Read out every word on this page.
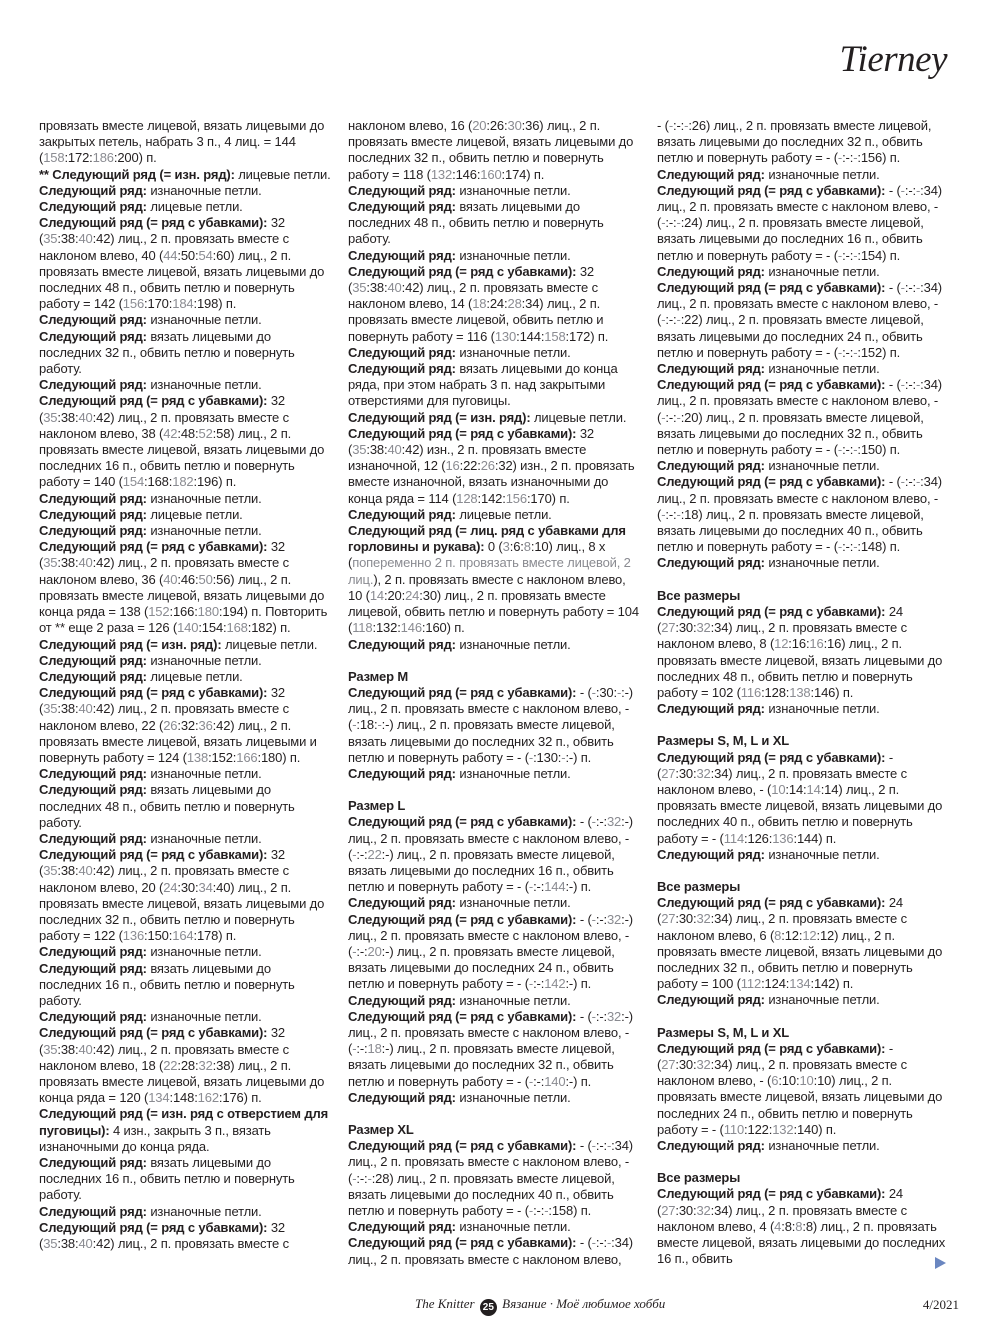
Tierney

провязать вместе лицевой, вязать лицевыми до закрытых петель, набрать 3 п., 4 лиц. = 144 (158:172:186:200) п.

** Следующий ряд (= изн. ряд): лицевые петли.

Следующий ряд: изнаночные петли.

Следующий ряд: лицевые петли.

Следующий ряд (= ряд с убавками): 32 (35:38:40:42) лиц., 2 п. провязать вместе с наклоном влево, 40 (44:50:54:60) лиц., 2 п. провязать вместе лицевой, вязать лицевыми до последних 48 п., обвить петлю и повернуть работу = 142 (156:170:184:198) п.

Следующий ряд: изнаночные петли.

Следующий ряд: вязать лицевыми до последних 32 п., обвить петлю и повернуть работу.

Следующий ряд: изнаночные петли.

Следующий ряд (= ряд с убавками): 32 (35:38:40:42) лиц., 2 п. провязать вместе с наклоном влево, 38 (42:48:52:58) лиц., 2 п. провязать вместе лицевой, вязать лицевыми до последних 16 п., обвить петлю и повернуть работу = 140 (154:168:182:196) п.

Следующий ряд: изнаночные петли.

Следующий ряд: лицевые петли.

Следующий ряд: изнаночные петли.

Следующий ряд (= ряд с убавками): 32 (35:38:40:42) лиц., 2 п. провязать вместе с наклоном влево, 36 (40:46:50:56) лиц., 2 п. провязать вместе лицевой, вязать лицевыми до конца ряда = 138 (152:166:180:194) п. Повторить от ** еще 2 раза = 126 (140:154:168:182) п.

Следующий ряд (= изн. ряд): лицевые петли.

Следующий ряд: изнаночные петли.

Следующий ряд: лицевые петли.

Следующий ряд (= ряд с убавками): 32 (35:38:40:42) лиц., 2 п. провязать вместе с наклоном влево, 22 (26:32:36:42) лиц., 2 п. провязать вместе лицевой, вязать лицевыми и повернуть работу = 124 (138:152:166:180) п.

Следующий ряд: изнаночные петли.

Следующий ряд: вязать лицевыми до последних 48 п., обвить петлю и повернуть работу.

Следующий ряд: изнаночные петли.

Следующий ряд (= ряд с убавками): 32 (35:38:40:42) лиц., 2 п. провязать вместе с наклоном влево, 20 (24:30:34:40) лиц., 2 п. провязать вместе лицевой, вязать лицевыми до последних 32 п., обвить петлю и повернуть работу = 122 (136:150:164:178) п.

Следующий ряд: изнаночные петли.

Следующий ряд: вязать лицевыми до последних 16 п., обвить петлю и повернуть работу.

Следующий ряд: изнаночные петли.

Следующий ряд (= ряд с убавками): 32 (35:38:40:42) лиц., 2 п. провязать вместе с наклоном влево, 18 (22:28:32:38) лиц., 2 п. провязать вместе лицевой, вязать лицевыми до конца ряда = 120 (134:148:162:176) п.

Следующий ряд (= изн. ряд с отверстием для пуговицы): 4 изн., закрыть 3 п., вязать изнаночными до конца ряда.

Следующий ряд: вязать лицевыми до последних 16 п., обвить петлю и повернуть работу.

Следующий ряд: изнаночные петли.

Следующий ряд (= ряд с убавками): 32 (35:38:40:42) лиц., 2 п. провязать вместе с

наклоном влево, 16 (20:26:30:36) лиц., 2 п. провязать вместе лицевой, вязать лицевыми до последних 32 п., обвить петлю и повернуть работу = 118 (132:146:160:174) п.

Следующий ряд: изнаночные петли.

Следующий ряд: вязать лицевыми до последних 48 п., обвить петлю и повернуть работу.

Следующий ряд: изнаночные петли.

Следующий ряд (= ряд с убавками): 32 (35:38:40:42) лиц., 2 п. провязать вместе с наклоном влево, 14 (18:24:28:34) лиц., 2 п. провязать вместе лицевой, обвить петлю и повернуть работу = 116 (130:144:158:172) п.

Следующий ряд: изнаночные петли.

Следующий ряд: вязать лицевыми до конца ряда, при этом набрать 3 п. над закрытыми отверстиями для пуговицы.

Следующий ряд (= изн. ряд): лицевые петли.

Следующий ряд (= ряд с убавками): 32 (35:38:40:42) изн., 2 п. провязать вместе изнаночной, 12 (16:22:26:32) изн., 2 п. провязать вместе изнаночной, вязать изнаночными до конца ряда = 114 (128:142:156:170) п.

Следующий ряд: лицевые петли.

Следующий ряд (= лиц. ряд с убавками для горловины и рукава): 0 (3:6:8:10) лиц., 8 х (попеременно 2 п. провязать вместе лицевой, 2 лиц.), 2 п. провязать вместе с наклоном влево, 10 (14:20:24:30) лиц., 2 п. провязать вместе лицевой, обвить петлю и повернуть работу = 104 (118:132:146:160) п.

Следующий ряд: изнаночные петли.

Размер M

Следующий ряд (= ряд с убавками): - (-:30:-:-) лиц., 2 п. провязать вместе с наклоном влево, - (-:18:-:-) лиц., 2 п. провязать вместе лицевой, вязать лицевыми до последних 32 п., обвить петлю и повернуть работу = - (-:130:-:-) п.

Следующий ряд: изнаночные петли.

Размер L

Следующий ряд (= ряд с убавками): - (-:-:32:-) лиц., 2 п. провязать вместе с наклоном влево, - (-:-:22:-) лиц., 2 п. провязать вместе лицевой, вязать лицевыми до последних 16 п., обвить петлю и повернуть работу = - (-:-:144:-) п.

Следующий ряд: изнаночные петли.

Следующий ряд (= ряд с убавками): - (-:-:32:-) лиц., 2 п. провязать вместе с наклоном влево, - (-:-:20:-) лиц., 2 п. провязать вместе лицевой, вязать лицевыми до последних 24 п., обвить петлю и повернуть работу = - (-:-:142:-) п.

Следующий ряд: изнаночные петли.

Следующий ряд (= ряд с убавками): - (-:-:32:-) лиц., 2 п. провязать вместе с наклоном влево, - (-:-:18:-) лиц., 2 п. провязать вместе лицевой, вязать лицевыми до последних 32 п., обвить петлю и повернуть работу = - (-:-:140:-) п.

Следующий ряд: изнаночные петли.

Размер XL

Следующий ряд (= ряд с убавками): - (-:-:-:34) лиц., 2 п. провязать вместе с наклоном влево, - (-:-:-:28) лиц., 2 п. провязать вместе лицевой, вязать лицевыми до последних 40 п., обвить петлю и повернуть работу = - (-:-:-:158) п.

Следующий ряд: изнаночные петли.

Следующий ряд (= ряд с убавками): - (-:-:-:34) лиц., 2 п. провязать вместе с наклоном влево,

- (-:-:-:26) лиц., 2 п. провязать вместе лицевой, вязать лицевыми до последних 32 п., обвить петлю и повернуть работу = - (-:-:-:156) п.

Следующий ряд: изнаночные петли.

Следующий ряд (= ряд с убавками): - (-:-:-:34) лиц., 2 п. провязать вместе с наклоном влево, - (-:-:-:24) лиц., 2 п. провязать вместе лицевой, вязать лицевыми до последних 16 п., обвить петлю и повернуть работу = - (-:-:-:154) п.

Следующий ряд: изнаночные петли.

Следующий ряд (= ряд с убавками): - (-:-:-:34) лиц., 2 п. провязать вместе с наклоном влево, - (-:-:-:22) лиц., 2 п. провязать вместе лицевой, вязать лицевыми до последних 24 п., обвить петлю и повернуть работу = - (-:-:-:152) п.

Следующий ряд: изнаночные петли.

Следующий ряд (= ряд с убавками): - (-:-:-:34) лиц., 2 п. провязать вместе с наклоном влево, - (-:-:-:20) лиц., 2 п. провязать вместе лицевой, вязать лицевыми до последних 32 п., обвить петлю и повернуть работу = - (-:-:-:150) п.

Следующий ряд: изнаночные петли.

Следующий ряд (= ряд с убавками): - (-:-:-:34) лиц., 2 п. провязать вместе с наклоном влево, - (-:-:-:18) лиц., 2 п. провязать вместе лицевой, вязать лицевыми до последних 40 п., обвить петлю и повернуть работу = - (-:-:-:148) п.

Следующий ряд: изнаночные петли.

Все размеры

Следующий ряд (= ряд с убавками): 24 (27:30:32:34) лиц., 2 п. провязать вместе с наклоном влево, 8 (12:16:16:16) лиц., 2 п. провязать вместе лицевой, вязать лицевыми до последних 48 п., обвить петлю и повернуть работу = 102 (116:128:138:146) п.

Следующий ряд: изнаночные петли.

Размеры S, M, L и XL

Следующий ряд (= ряд с убавками): - (27:30:32:34) лиц., 2 п. провязать вместе с наклоном влево, - (10:14:14:14) лиц., 2 п. провязать вместе лицевой, вязать лицевыми до последних 40 п., обвить петлю и повернуть работу = - (114:126:136:144) п.

Следующий ряд: изнаночные петли.

Все размеры

Следующий ряд (= ряд с убавками): 24 (27:30:32:34) лиц., 2 п. провязать вместе с наклоном влево, 6 (8:12:12:12) лиц., 2 п. провязать вместе лицевой, вязать лицевыми до последних 32 п., обвить петлю и повернуть работу = 100 (112:124:134:142) п.

Следующий ряд: изнаночные петли.

Размеры S, M, L и XL

Следующий ряд (= ряд с убавками): - (27:30:32:34) лиц., 2 п. провязать вместе с наклоном влево, - (6:10:10:10) лиц., 2 п. провязать вместе лицевой, вязать лицевыми до последних 24 п., обвить петлю и повернуть работу = - (110:122:132:140) п.

Следующий ряд: изнаночные петли.

Все размеры

Следующий ряд (= ряд с убавками): 24 (27:30:32:34) лиц., 2 п. провязать вместе с наклоном влево, 4 (4:8:8:8) лиц., 2 п. провязать вместе лицевой, вязать лицевыми до последних 16 п., обвить

The Knitter 25 Вязание · Моё любимое хобби	4/2021
